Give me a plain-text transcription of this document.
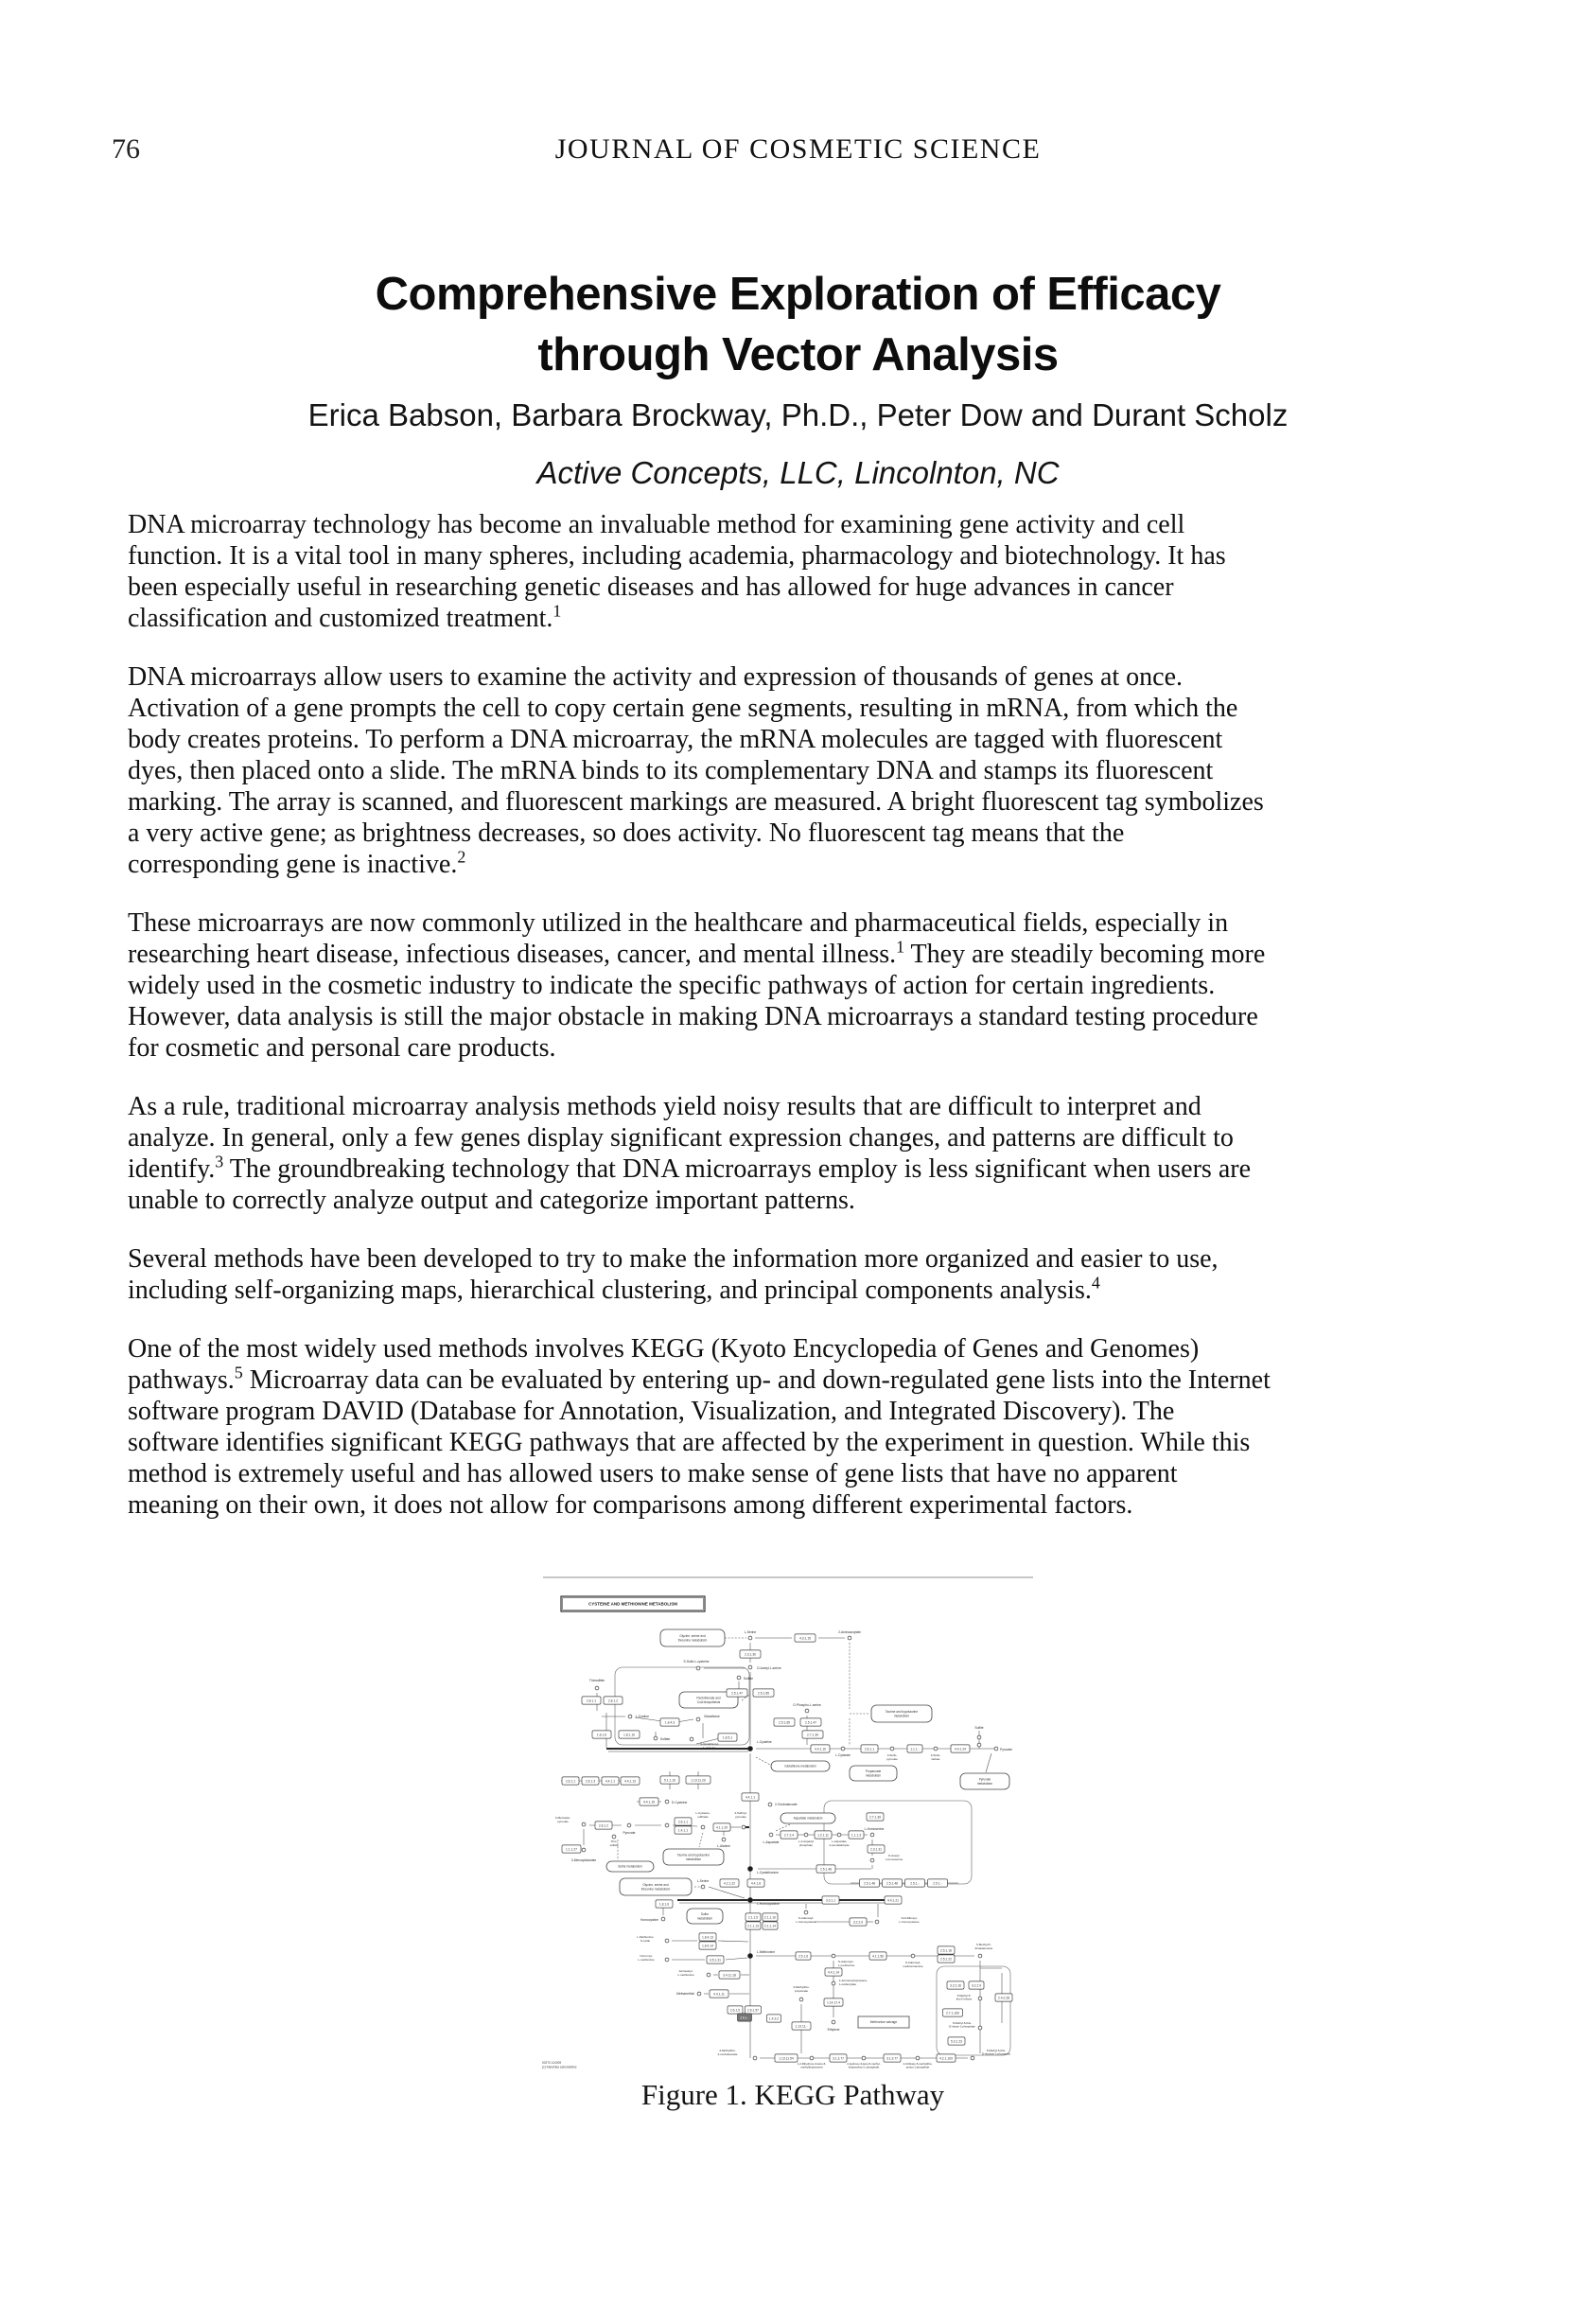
76	JOURNAL OF COSMETIC SCIENCE
Comprehensive Exploration of Efficacy
through Vector Analysis
Erica Babson, Barbara Brockway, Ph.D., Peter Dow and Durant Scholz
Active Concepts, LLC, Lincolnton, NC

DNA microarray technology has become an invaluable method for examining gene activity and cell
function. It is a vital tool in many spheres, including academia, pharmacology and biotechnology. It has
been especially useful in researching genetic diseases and has allowed for huge advances in cancer
classification and customized treatment.$^1$

DNA microarrays allow users to examine the activity and expression of thousands of genes at once.
Activation of a gene prompts the cell to copy certain gene segments, resulting in mRNA, from which the
body creates proteins. To perform a DNA microarray, the mRNA molecules are tagged with fluorescent
dyes, then placed onto a slide. The mRNA binds to its complementary DNA and stamps its fluorescent
marking. The array is scanned, and fluorescent markings are measured. A bright fluorescent tag symbolizes
a very active gene; as brightness decreases, so does activity. No fluorescent tag means that the
corresponding gene is inactive.$^2$

These microarrays are now commonly utilized in the healthcare and pharmaceutical fields, especially in
researching heart disease, infectious diseases, cancer, and mental illness.$^1$ They are steadily becoming more
widely used in the cosmetic industry to indicate the specific pathways of action for certain ingredients.
However, data analysis is still the major obstacle in making DNA microarrays a standard testing procedure
for cosmetic and personal care products.

As a rule, traditional microarray analysis methods yield noisy results that are difficult to interpret and
analyze. In general, only a few genes display significant expression changes, and patterns are difficult to
identify.$^3$ The groundbreaking technology that DNA microarrays employ is less significant when users are
unable to correctly analyze output and categorize important patterns.

Several methods have been developed to try to make the information more organized and easier to use,
including self-organizing maps, hierarchical clustering, and principal components analysis.$^4$

One of the most widely used methods involves KEGG (Kyoto Encyclopedia of Genes and Genomes)
pathways.$^5$ Microarray data can be evaluated by entering up- and down-regulated gene lists into the Internet
software program DAVID (Database for Annotation, Visualization, and Integrated Discovery). The
software identifies significant KEGG pathways that are affected by the experiment in question. While this
method is extremely useful and has allowed users to make sense of gene lists that have no apparent
meaning on their own, it does not allow for comparisons among different experimental factors.

Glycine, serine and threonine metabolism
Pantothenate and CoA biosynthesis
Taurine and hypotaurine metabolism
Pyruvate metabolism
Glutathione metabolism
Propanoate metabolism
Taurine and hypotaurine metabolism
Sulfur metabolism
Aspartate metabolism
Glycine, serine and threonine metabolism
Sulfur metabolism
Methionine salvage
4.3.1.15
2.3.1.30
2.5.1.47	2.5.1.65
2.5.1.65	2.5.1.47
2.7.1.39
2.8.1.1	2.8.1.2
1.8.4.3
1.8.5.1
1.8.1.6	1.8.1.10
4.4.1.10	2.6.1.1	1.1.1.-	4.4.1.24
4.4.1.1
2.6.1.1	2.6.1.3	4.4.1.1	4.4.1.13	5.1.1.10	1.13.11.20
4.4.1.15
2.8.1.2
1.1.1.27
2.6.1.1
1.4.1.1
4.1.1.29
2.7.2.4	1.2.1.11	1.1.1.3
2.3.1.31
2.7.1.39
2.5.1.48
2.5.1.48	2.5.1.48	2.5.1.-	2.5.1.-
4.2.1.22	4.4.1.8
1.8.1.6
2.1.1.5 2.1.1.10
2.1.1.13 2.1.1.14
3.3.1.1
3.2.2.9
4.4.1.21
2.5.1.6	4.1.1.50
2.5.1.16
2.5.1.22
4.4.1.14
1.14.17.4
1.13.11.-
2.6.1.5 2.6.1.57
2.6.1.-	1.4.3.2
3.4.11.18
4.4.1.11
1.8.4.13
1.8.4.14
3.5.1.31
1.13.11.54	3.1.3.77	3.1.3.77	4.2.1.109
3.2.2.16	3.2.2.9
2.4.2.28
2.7.1.100
5.3.1.23
L-Serine	2-Aminoacrylate
O-Acetyl-L-serine
S-Sulfo-L-cysteine
Sulfide
O-Phospho-L-serine
Thiosulfate
L-Cystine	Glutathione
S-Glutathionyl-L-cysteine
Sulfate
L-Cysteine
L-Cysteate	3-Sulfo-pyruvate
3-Sulfo-lactate
Sulfite
Pyruvate
D-Cysteine	2-Oxobutanoate
3-Mercapto-pyruvate
Pyruvate
Thio-sulfate
3-Mercaptolactate
L-Cysteine-sulfinate
3-Sulfinyl-pyruvate
L-Alanine
L-Aspartate	L-4-Aspartyl phosphate
L-Aspartate 4-semialdehyde
L-Homoserine
O-Acetyl-L-homoserine
L-Cystathionine
L-Serine
Homocystine
L-Homocysteine
S-Adenosyl-L-homocysteine
S-D-Ribosyl-L-homocysteine
L-Methionine
S-Adenosyl-L-methionine
S-Adenosyl-methioninamine
5-Methyl-5'-thioadenosine
L-Methionine S-oxide
N-Formyl-L-methionine
Aminoacyl-L-methionine
Methanethiol
1-Aminocyclopropane-1-carboxylate
Ethylene
3-Methylthio-propionate
4-Methylthio-2-oxobutanoate
1,2-Dihydroxy-3-keto-5-methylthiopentene
2-Hydroxy-3-keto-5-methyl-thiopentenyl 1-phosphate
2,3-Diketo-5-methylthio-pentyl 1-phosphate
5-Methyl-5-thio-D-ribulose 1-phosphate
5-Methyl-5-thio-D-ribose
5-Methyl-5-thio-D-ribose 1-phosphate
CYSTEINE AND METHIONINE METABOLISM
00270 11/3/09
(c) Kanehisa Laboratories
Figure 1. KEGG Pathway
